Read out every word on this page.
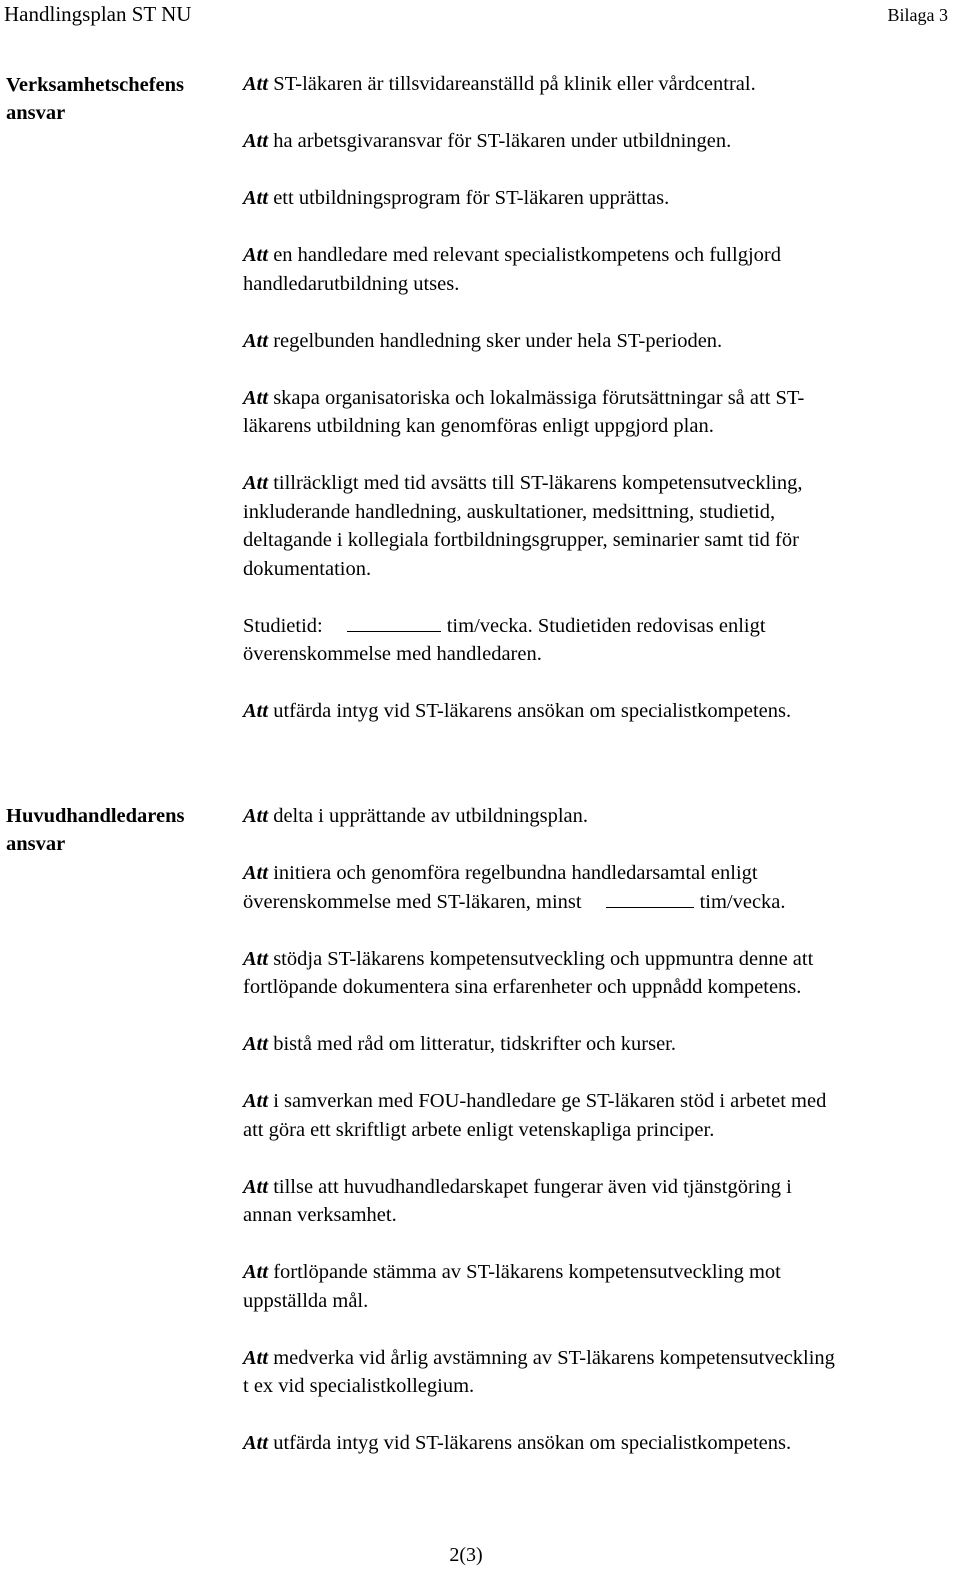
Handlingsplan ST NU	Bilaga 3
Verksamhetschefens
ansvar
Att ST-läkaren är tillsvidareanställd på klinik eller vårdcentral.
Att ha arbetsgivaransvar för ST-läkaren under utbildningen.
Att ett utbildningsprogram för ST-läkaren upprättas.
Att en handledare med relevant specialistkompetens och fullgjord
handledarutbildning utses.
Att regelbunden handledning sker under hela ST-perioden.
Att skapa organisatoriska och lokalmässiga förutsättningar så att ST-
läkarens utbildning kan genomföras enligt uppgjord plan.
Att tillräckligt med tid avsätts till ST-läkarens kompetensutveckling,
inkluderande handledning, auskultationer, medsittning, studietid,
deltagande i kollegiala fortbildningsgrupper, seminarier samt tid för
dokumentation.
Studietid:	tim/vecka. Studietiden redovisas enligt
överenskommelse med handledaren.
Att utfärda intyg vid ST-läkarens ansökan om specialistkompetens.
Huvudhandledarens
ansvar
Att delta i upprättande av utbildningsplan.
Att initiera och genomföra regelbundna handledarsamtal enligt
överenskommelse med ST-läkaren, minst	tim/vecka.
Att stödja ST-läkarens kompetensutveckling och uppmuntra denne att
fortlöpande dokumentera sina erfarenheter och uppnådd kompetens.
Att bistå med råd om litteratur, tidskrifter och kurser.
Att i samverkan med FOU-handledare ge ST-läkaren stöd i arbetet med
att göra ett skriftligt arbete enligt vetenskapliga principer.
Att tillse att huvudhandledarskapet fungerar även vid tjänstgöring i
annan verksamhet.
Att fortlöpande stämma av ST-läkarens kompetensutveckling mot
uppställda mål.
Att medverka vid årlig avstämning av ST-läkarens kompetensutveckling
t ex vid specialistkollegium.
Att utfärda intyg vid ST-läkarens ansökan om specialistkompetens.
2(3)
